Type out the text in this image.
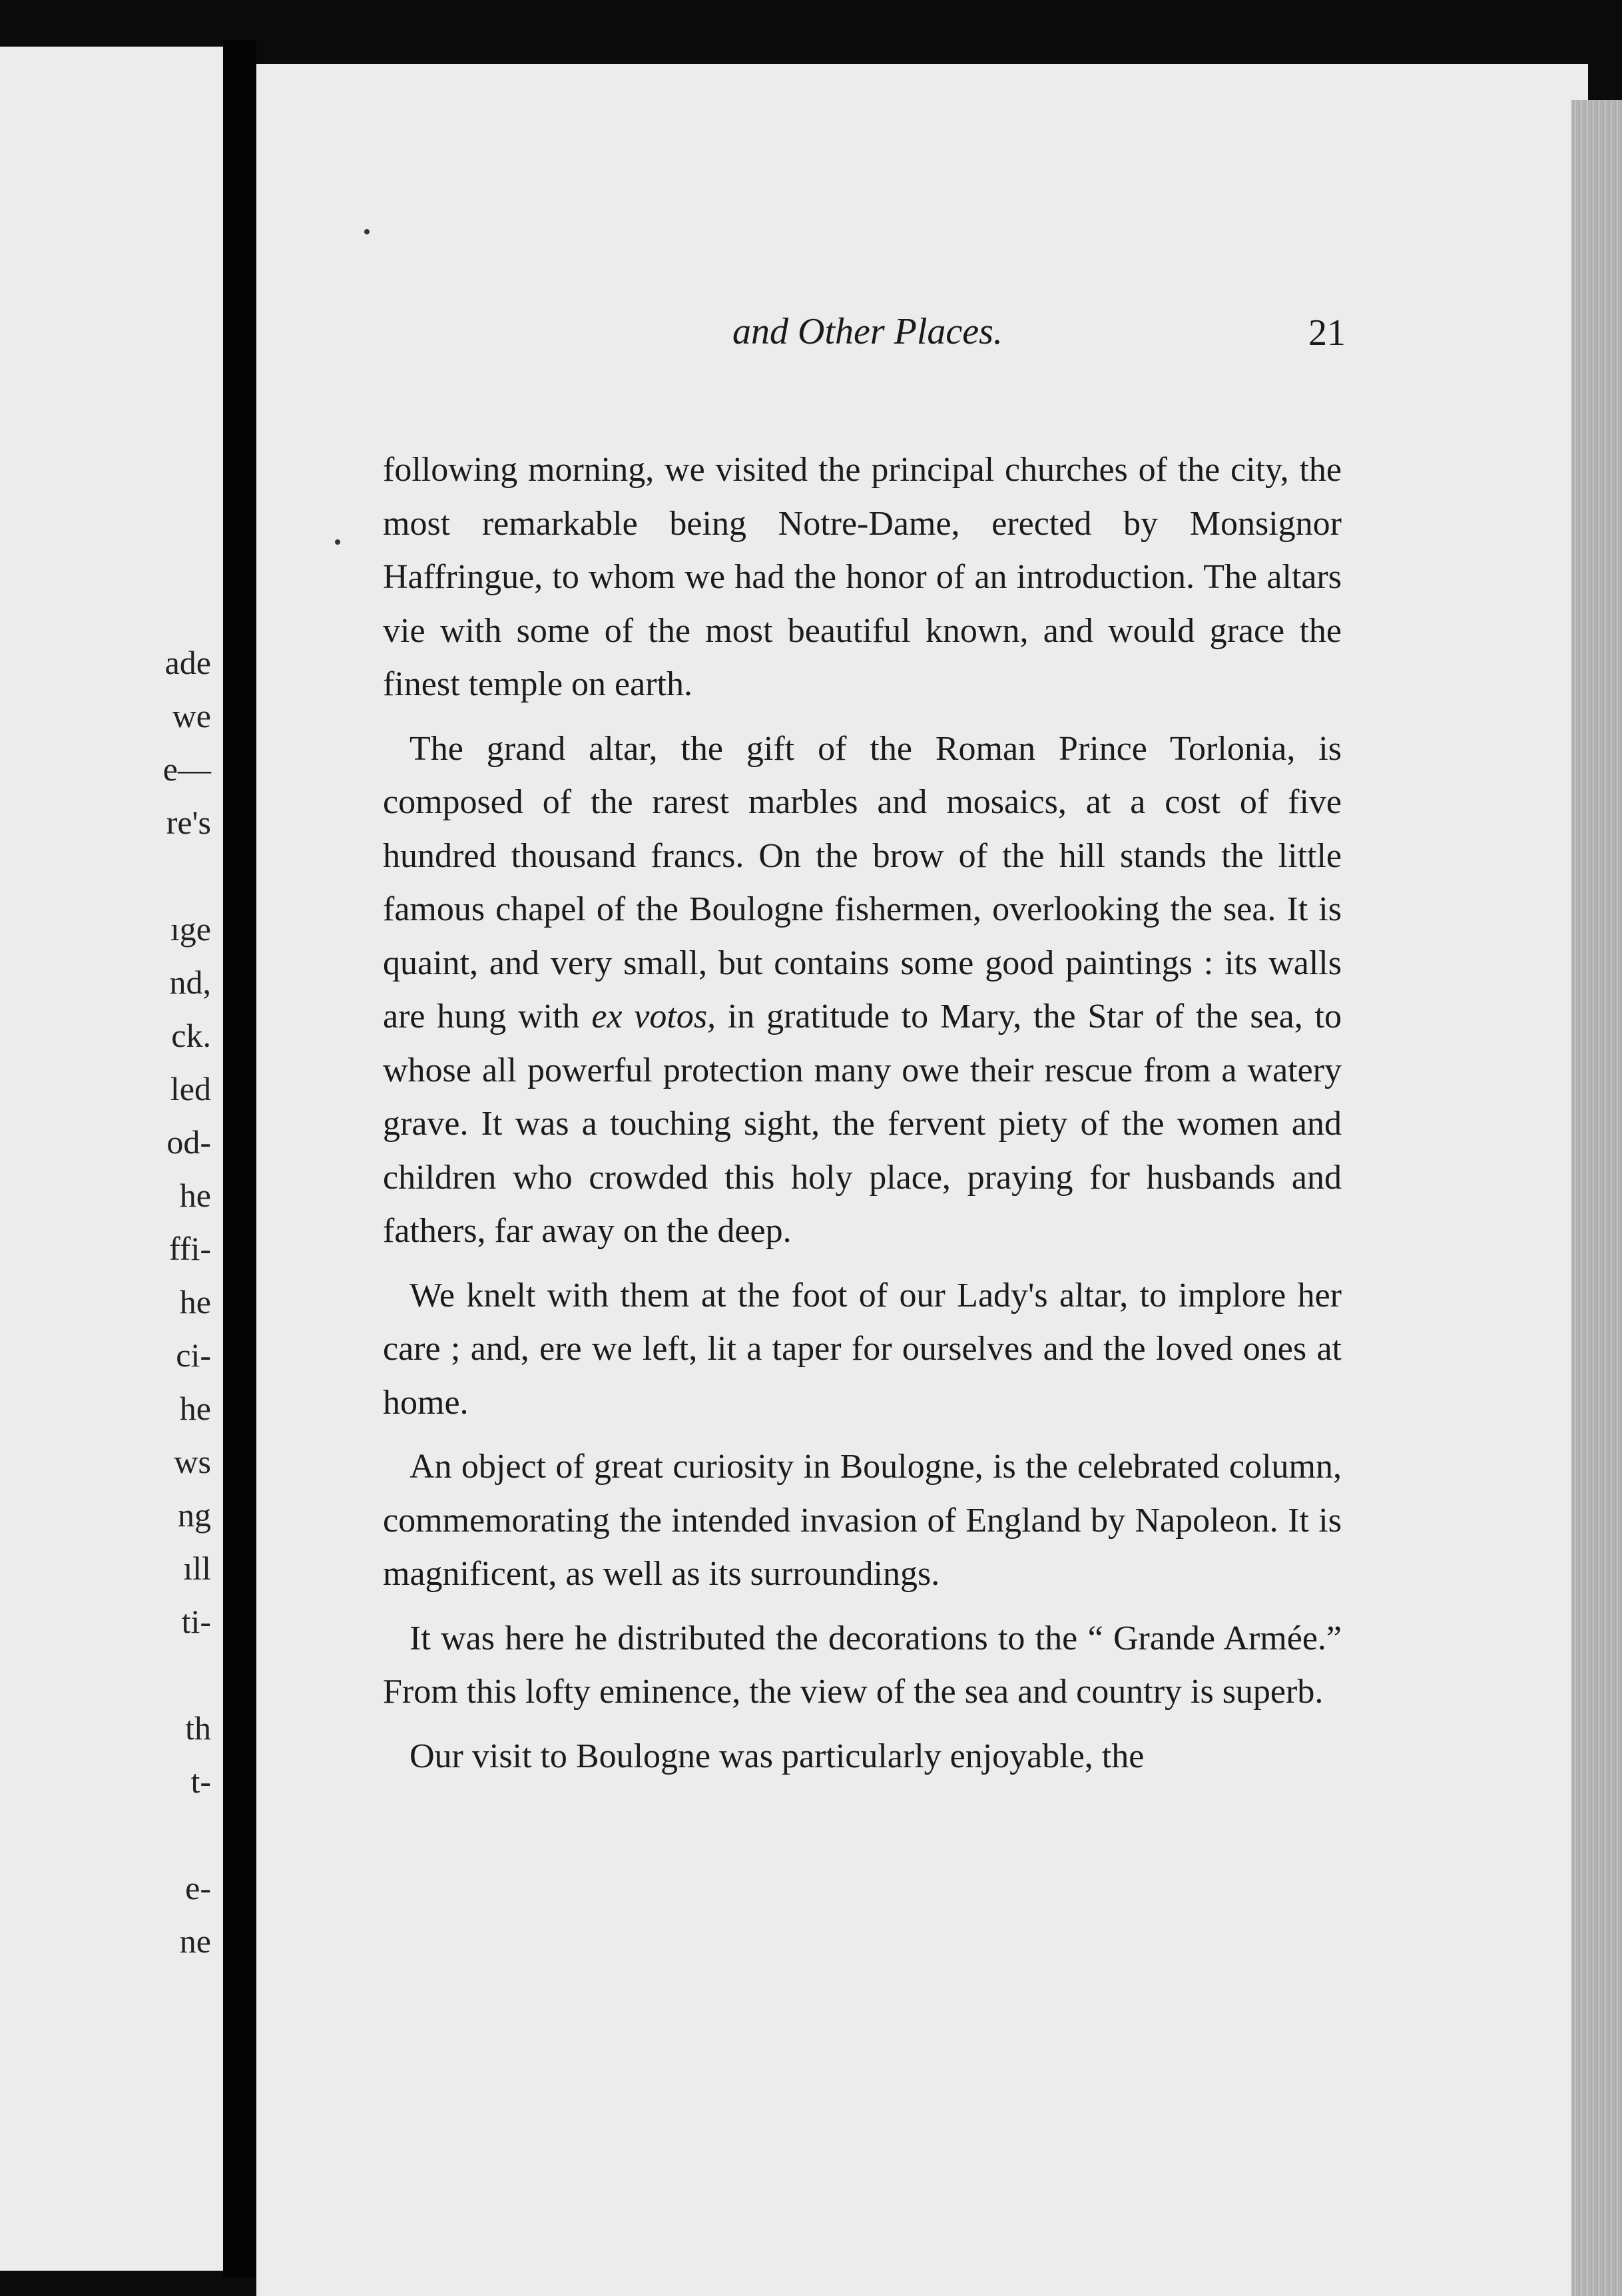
ade
we
e—
re's
ıge
nd,
ck.
led
od-
he
ffi-
he
ci-
he
ws
ng
ıll
ti-
th
t-
e-
ne
and Other Places.	21

following morning, we visited the principal churches of the city, the most remarkable being Notre-Dame, erected by Monsignor Haffringue, to whom we had the honor of an introduction. The altars vie with some of the most beautiful known, and would grace the finest temple on earth.

The grand altar, the gift of the Roman Prince Torlonia, is composed of the rarest marbles and mosaics, at a cost of five hundred thousand francs. On the brow of the hill stands the little famous chapel of the Boulogne fishermen, overlooking the sea. It is quaint, and very small, but contains some good paintings : its walls are hung with ex votos, in gratitude to Mary, the Star of the sea, to whose all powerful protection many owe their rescue from a watery grave. It was a touching sight, the fervent piety of the women and children who crowded this holy place, praying for husbands and fathers, far away on the deep.

We knelt with them at the foot of our Lady's altar, to implore her care ; and, ere we left, lit a taper for ourselves and the loved ones at home.

An object of great curiosity in Boulogne, is the celebrated column, commemorating the intended invasion of England by Napoleon. It is magnificent, as well as its surroundings.

It was here he distributed the decorations to the “ Grande Armée.” From this lofty eminence, the view of the sea and country is superb.

Our visit to Boulogne was particularly enjoyable, the
